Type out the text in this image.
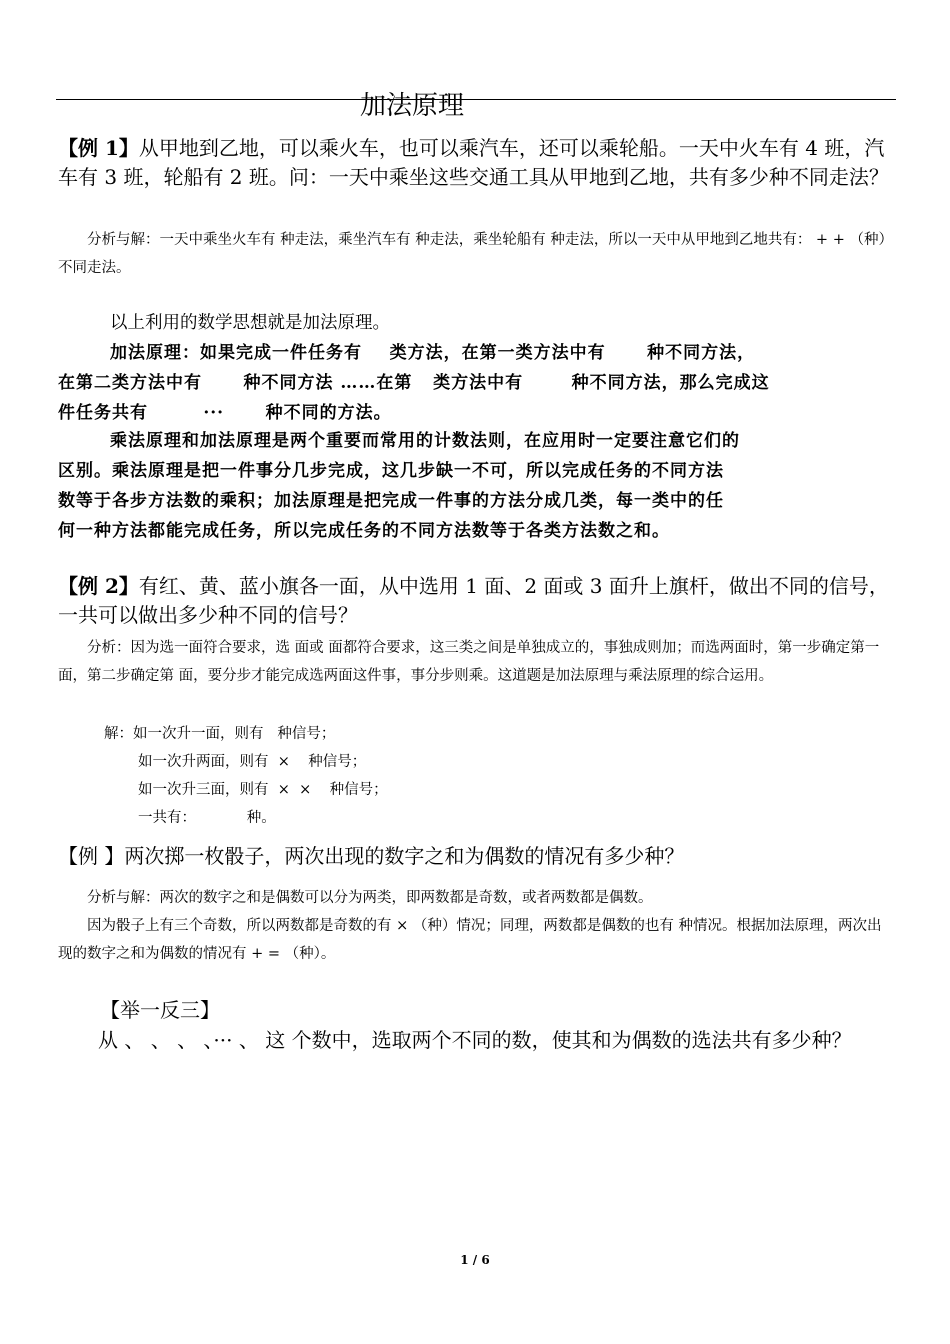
加法原理
【例 1】从甲地到乙地，可以乘火车，也可以乘汽车，还可以乘轮船。一天中火车有 4 班，汽车有 3 班，轮船有 2 班。问：一天中乘坐这些交通工具从甲地到乙地，共有多少种不同走法？
分析与解：一天中乘坐火车有 种走法，乘坐汽车有 种走法，乘坐轮船有 种走法，所以一天中从甲地到乙地共有： + + （种）不同走法。
以上利用的数学思想就是加法原理。
加法原理：如果完成一件任务有    类方法，在第一类方法中有      种不同方法，
在第二类方法中有      种不同方法 ……在第   类方法中有       种不同方法，那么完成这
件任务共有        ···      种不同的方法。
乘法原理和加法原理是两个重要而常用的计数法则，在应用时一定要注意它们的
区别。乘法原理是把一件事分几步完成，这几步缺一不可，所以完成任务的不同方法
数等于各步方法数的乘积；加法原理是把完成一件事的方法分成几类，每一类中的任
何一种方法都能完成任务，所以完成任务的不同方法数等于各类方法数之和。
【例 2】有红、黄、蓝小旗各一面，从中选用 1 面、2 面或 3 面升上旗杆，做出不同的信号，一共可以做出多少种不同的信号？
分析：因为选一面符合要求，选 面或 面都符合要求，这三类之间是单独成立的，事独成则加；而选两面时，第一步确定第一面，第二步确定第 面，要分步才能完成选两面这件事，事分步则乘。这道题是加法原理与乘法原理的综合运用。
解：如一次升一面，则有   种信号；
如一次升两面，则有  ×    种信号；
如一次升三面，则有  ×  ×    种信号；
一共有：           种。
【例 】两次掷一枚骰子，两次出现的数字之和为偶数的情况有多少种？
分析与解：两次的数字之和是偶数可以分为两类，即两数都是奇数，或者两数都是偶数。
因为骰子上有三个奇数，所以两数都是奇数的有 × （种）情况；同理，两数都是偶数的也有 种情况。根据加法原理，两次出现的数字之和为偶数的情况有 + = （种）。
【举一反三】
从 、 、 、 、··· 、 这 个数中，选取两个不同的数，使其和为偶数的选法共有多少种？
1 / 6
